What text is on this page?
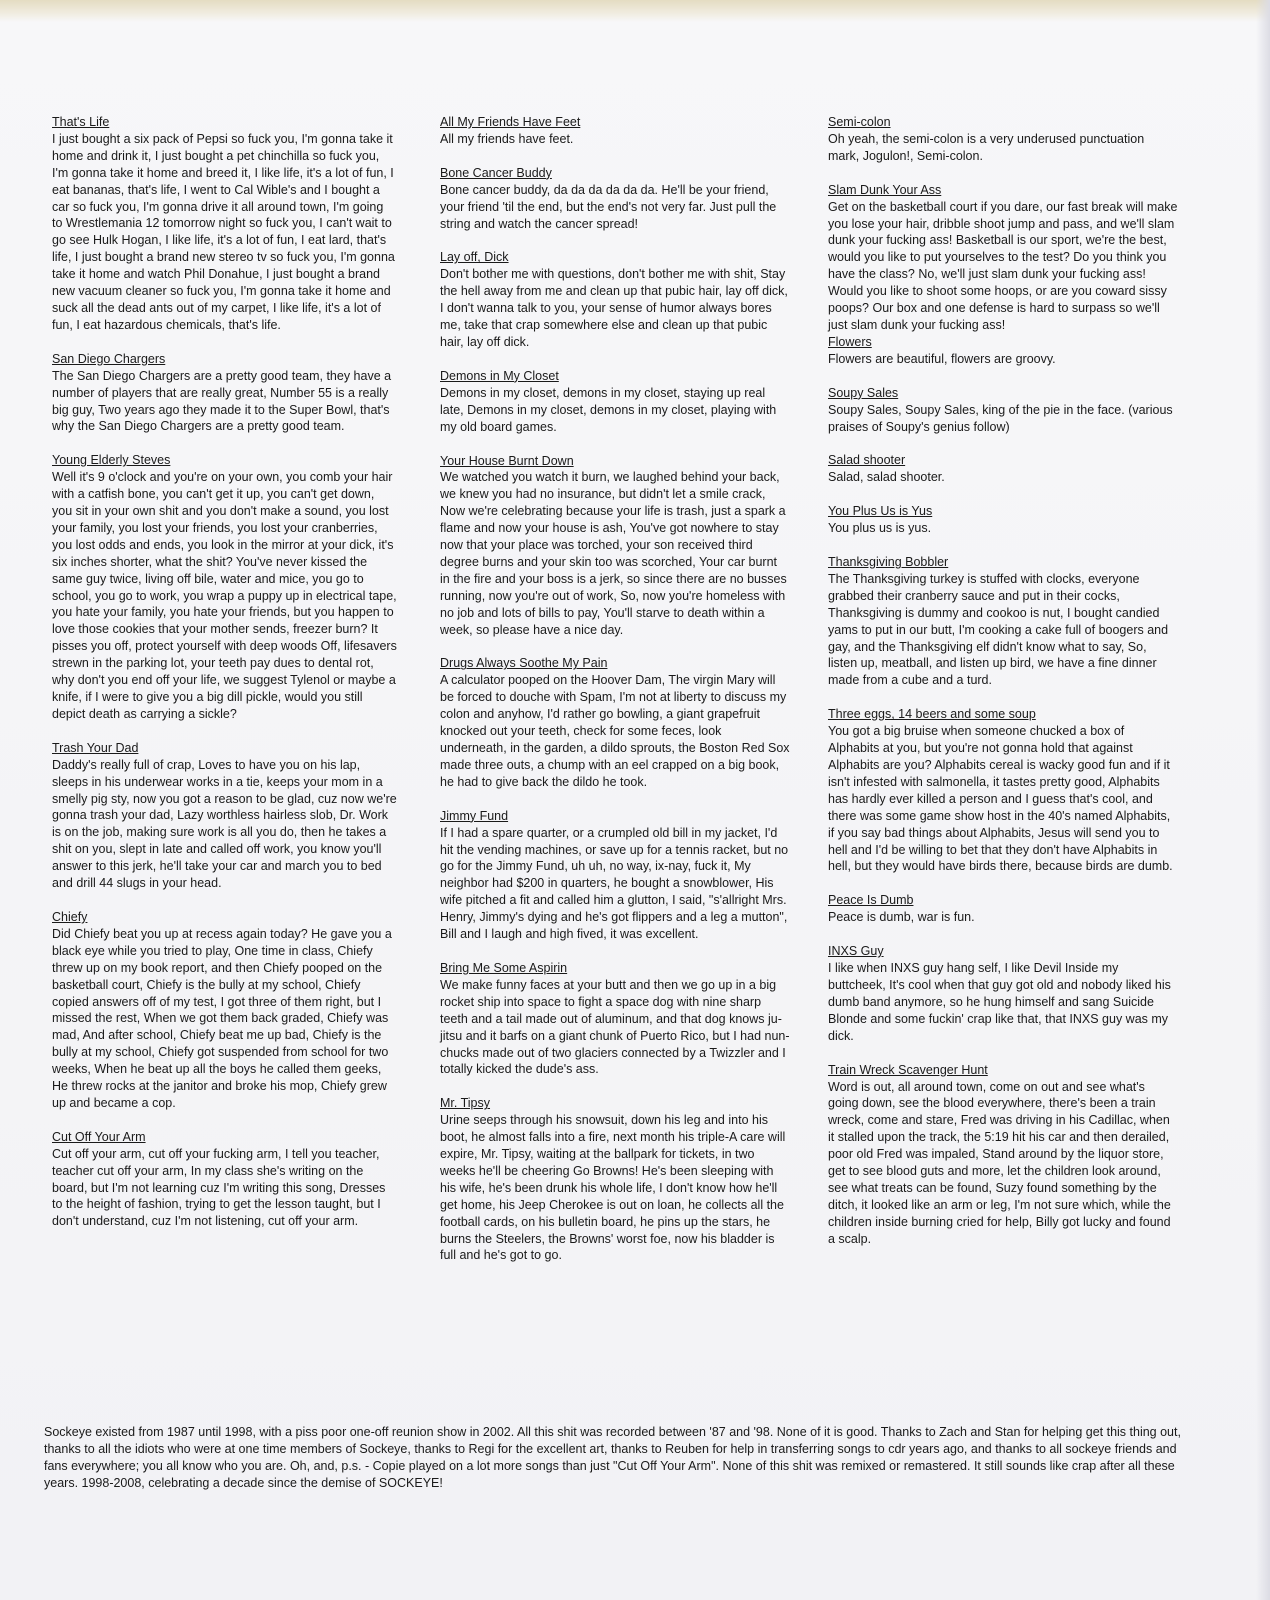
That's Life
I just bought a six pack of Pepsi so fuck you, I'm gonna take it home and drink it, I just bought a pet chinchilla so fuck you, I'm gonna take it home and breed it, I like life, it's a lot of fun, I eat bananas, that's life, I went to Cal Wible's and I bought a car so fuck you, I'm gonna drive it all around town, I'm going to Wrestlemania 12 tomorrow night so fuck you, I can't wait to go see Hulk Hogan, I like life, it's a lot of fun, I eat lard, that's life, I just bought a brand new stereo tv so fuck you, I'm gonna take it home and watch Phil Donahue, I just bought a brand new vacuum cleaner so fuck you, I'm gonna take it home and suck all the dead ants out of my carpet, I like life, it's a lot of fun, I eat hazardous chemicals, that's life.
San Diego Chargers
The San Diego Chargers are a pretty good team, they have a number of players that are really great, Number 55 is a really big guy, Two years ago they made it to the Super Bowl, that's why the San Diego Chargers are a pretty good team.
Young Elderly Steves
Well it's 9 o'clock and you're on your own, you comb your hair with a catfish bone, you can't get it up, you can't get down, you sit in your own shit and you don't make a sound, you lost your family, you lost your friends, you lost your cranberries, you lost odds and ends, you look in the mirror at your dick, it's six inches shorter, what the shit? You've never kissed the same guy twice, living off bile, water and mice, you go to school, you go to work, you wrap a puppy up in electrical tape, you hate your family, you hate your friends, but you happen to love those cookies that your mother sends, freezer burn? It pisses you off, protect yourself with deep woods Off, lifesavers strewn in the parking lot, your teeth pay dues to dental rot, why don't you end off your life, we suggest Tylenol or maybe a knife, if I were to give you a big dill pickle, would you still depict death as carrying a sickle?
Trash Your Dad
Daddy's really full of crap, Loves to have you on his lap, sleeps in his underwear works in a tie, keeps your mom in a smelly pig sty, now you got a reason to be glad, cuz now we're gonna trash your dad, Lazy worthless hairless slob, Dr. Work is on the job, making sure work is all you do, then he takes a shit on you, slept in late and called off work, you know you'll answer to this jerk, he'll take your car and march you to bed and drill 44 slugs in your head.
Chiefy
Did Chiefy beat you up at recess again today? He gave you a black eye while you tried to play, One time in class, Chiefy threw up on my book report, and then Chiefy pooped on the basketball court, Chiefy is the bully at my school, Chiefy copied answers off of my test, I got three of them right, but I missed the rest, When we got them back graded, Chiefy was mad, And after school, Chiefy beat me up bad, Chiefy is the bully at my school, Chiefy got suspended from school for two weeks, When he beat up all the boys he called them geeks, He threw rocks at the janitor and broke his mop, Chiefy grew up and became a cop.
Cut Off Your Arm
Cut off your arm, cut off your fucking arm, I tell you teacher, teacher cut off your arm, In my class she's writing on the board, but I'm not learning cuz I'm writing this song, Dresses to the height of fashion, trying to get the lesson taught, but I don't understand, cuz I'm not listening, cut off your arm.
All My Friends Have Feet
All my friends have feet.
Bone Cancer Buddy
Bone cancer buddy, da da da da da da. He'll be your friend, your friend 'til the end, but the end's not very far. Just pull the string and watch the cancer spread!
Lay off, Dick
Don't bother me with questions, don't bother me with shit, Stay the hell away from me and clean up that pubic hair, lay off dick, I don't wanna talk to you, your sense of humor always bores me, take that crap somewhere else and clean up that pubic hair, lay off dick.
Demons in My Closet
Demons in my closet, demons in my closet, staying up real late, Demons in my closet, demons in my closet, playing with my old board games.
Your House Burnt Down
We watched you watch it burn, we laughed behind your back, we knew you had no insurance, but didn't let a smile crack, Now we're celebrating because your life is trash, just a spark a flame and now your house is ash, You've got nowhere to stay now that your place was torched, your son received third degree burns and your skin too was scorched, Your car burnt in the fire and your boss is a jerk, so since there are no busses running, now you're out of work, So, now you're homeless with no job and lots of bills to pay, You'll starve to death within a week, so please have a nice day.
Drugs Always Soothe My Pain
A calculator pooped on the Hoover Dam, The virgin Mary will be forced to douche with Spam, I'm not at liberty to discuss my colon and anyhow, I'd rather go bowling, a giant grapefruit knocked out your teeth, check for some feces, look underneath, in the garden, a dildo sprouts, the Boston Red Sox made three outs, a chump with an eel crapped on a big book, he had to give back the dildo he took.
Jimmy Fund
If I had a spare quarter, or a crumpled old bill in my jacket, I'd hit the vending machines, or save up for a tennis racket, but no go for the Jimmy Fund, uh uh, no way, ix-nay, fuck it, My neighbor had $200 in quarters, he bought a snowblower, His wife pitched a fit and called him a glutton, I said, "s'allright Mrs. Henry, Jimmy's dying and he's got flippers and a leg a mutton", Bill and I laugh and high fived, it was excellent.
Bring Me Some Aspirin
We make funny faces at your butt and then we go up in a big rocket ship into space to fight a space dog with nine sharp teeth and a tail made out of aluminum, and that dog knows ju-jitsu and it barfs on a giant chunk of Puerto Rico, but I had nun-chucks made out of two glaciers connected by a Twizzler and I totally kicked the dude's ass.
Mr. Tipsy
Urine seeps through his snowsuit, down his leg and into his boot, he almost falls into a fire, next month his triple-A care will expire, Mr. Tipsy, waiting at the ballpark for tickets, in two weeks he'll be cheering Go Browns! He's been sleeping with his wife, he's been drunk his whole life, I don't know how he'll get home, his Jeep Cherokee is out on loan, he collects all the football cards, on his bulletin board, he pins up the stars, he burns the Steelers, the Browns' worst foe, now his bladder is full and he's got to go.
Semi-colon
Oh yeah, the semi-colon is a very underused punctuation mark, Jogulon!, Semi-colon.
Slam Dunk Your Ass
Get on the basketball court if you dare, our fast break will make you lose your hair, dribble shoot jump and pass, and we'll slam dunk your fucking ass! Basketball is our sport, we're the best, would you like to put yourselves to the test? Do you think you have the class? No, we'll just slam dunk your fucking ass! Would you like to shoot some hoops, or are you coward sissy poops? Our box and one defense is hard to surpass so we'll just slam dunk your fucking ass!
Flowers
Flowers are beautiful, flowers are groovy.
Soupy Sales
Soupy Sales, Soupy Sales, king of the pie in the face. (various praises of Soupy's genius follow)
Salad shooter
Salad, salad shooter.
You Plus Us is Yus
You plus us is yus.
Thanksgiving Bobbler
The Thanksgiving turkey is stuffed with clocks, everyone grabbed their cranberry sauce and put in their cocks, Thanksgiving is dummy and cookoo is nut, I bought candied yams to put in our butt, I'm cooking a cake full of boogers and gay, and the Thanksgiving elf didn't know what to say, So, listen up, meatball, and listen up bird, we have a fine dinner made from a cube and a turd.
Three eggs, 14 beers and some soup
You got a big bruise when someone chucked a box of Alphabits at you, but you're not gonna hold that against Alphabits are you? Alphabits cereal is wacky good fun and if it isn't infested with salmonella, it tastes pretty good, Alphabits has hardly ever killed a person and I guess that's cool, and there was some game show host in the 40's named Alphabits, if you say bad things about Alphabits, Jesus will send you to hell and I'd be willing to bet that they don't have Alphabits in hell, but they would have birds there, because birds are dumb.
Peace Is Dumb
Peace is dumb, war is fun.
INXS Guy
I like when INXS guy hang self, I like Devil Inside my buttcheek, It's cool when that guy got old and nobody liked his dumb band anymore, so he hung himself and sang Suicide Blonde and some fuckin' crap like that, that INXS guy was my dick.
Train Wreck Scavenger Hunt
Word is out, all around town, come on out and see what's going down, see the blood everywhere, there's been a train wreck, come and stare, Fred was driving in his Cadillac, when it stalled upon the track, the 5:19 hit his car and then derailed, poor old Fred was impaled, Stand around by the liquor store, get to see blood guts and more, let the children look around, see what treats can be found, Suzy found something by the ditch, it looked like an arm or leg, I'm not sure which, while the children inside burning cried for help, Billy got lucky and found a scalp.
Sockeye existed from 1987 until 1998, with a piss poor one-off reunion show in 2002. All this shit was recorded between '87 and '98. None of it is good. Thanks to Zach and Stan for helping get this thing out, thanks to all the idiots who were at one time members of Sockeye, thanks to Regi for the excellent art, thanks to Reuben for help in transferring songs to cdr years ago, and thanks to all sockeye friends and fans everywhere; you all know who you are. Oh, and, p.s. - Copie played on a lot more songs than just "Cut Off Your Arm". None of this shit was remixed or remastered. It still sounds like crap after all these years. 1998-2008, celebrating a decade since the demise of SOCKEYE!
